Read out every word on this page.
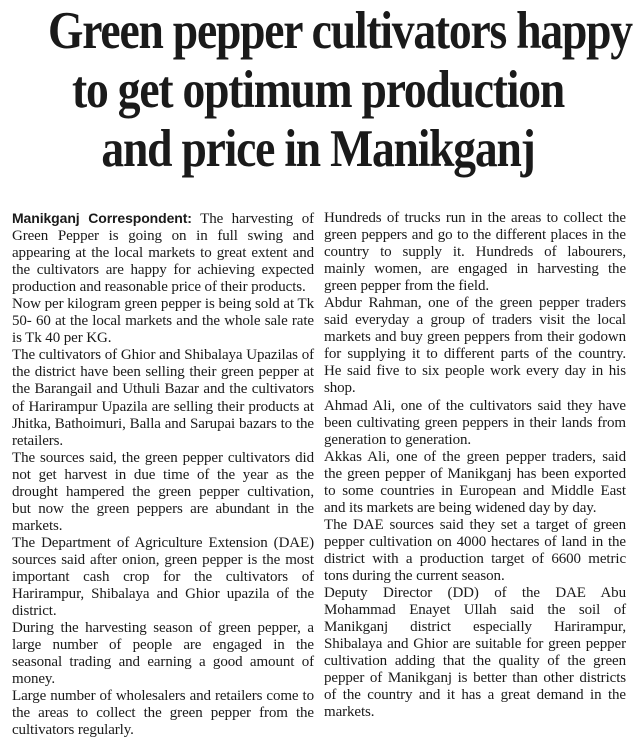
Green pepper cultivators happy
to get optimum production
and price in Manikganj

Manikganj Correspondent: The harvesting of Green Pepper is going on in full swing and appearing at the local markets to great extent and the cultivators are happy for achieving expected production and reasonable price of their products.

Now per kilogram green pepper is being sold at Tk 50- 60 at the local markets and the whole sale rate is Tk 40 per KG.

The cultivators of Ghior and Shibalaya Upazilas of the district have been selling their green pepper at the Barangail and Uthuli Bazar and the cultivators of Harirampur Upazila are selling their products at Jhitka, Bathoimuri, Balla and Sarupai bazars to the retailers.

The sources said, the green pepper cultivators did not get harvest in due time of the year as the drought hampered the green pepper cultivation, but now the green peppers are abundant in the markets.

The Department of Agriculture Extension (DAE) sources said after onion, green pepper is the most important cash crop for the cultivators of Harirampur, Shibalaya and Ghior upazila of the district.

During the harvesting season of green pepper, a large number of people are engaged in the seasonal trading and earning a good amount of money.

Large number of wholesalers and retailers come to the areas to collect the green pepper from the cultivators regularly.

Hundreds of trucks run in the areas to collect the green peppers and go to the different places in the country to supply it. Hundreds of labourers, mainly women, are engaged in harvesting the green pepper from the field.

Abdur Rahman, one of the green pepper traders said everyday a group of traders visit the local markets and buy green peppers from their godown for supplying it to different parts of the country. He said five to six people work every day in his shop.

Ahmad Ali, one of the cultivators said they have been cultivating green peppers in their lands from generation to generation.

Akkas Ali, one of the green pepper traders, said the green pepper of Manikganj has been exported to some countries in European and Middle East and its markets are being widened day by day.

The DAE sources said they set a target of green pepper cultivation on 4000 hectares of land in the district with a production target of 6600 metric tons during the current season.

Deputy Director (DD) of the DAE Abu Mohammad Enayet Ullah said the soil of Manikganj district especially Harirampur, Shibalaya and Ghior are suitable for green pepper cultivation adding that the quality of the green pepper of Manikganj is better than other districts of the country and it has a great demand in the markets.
